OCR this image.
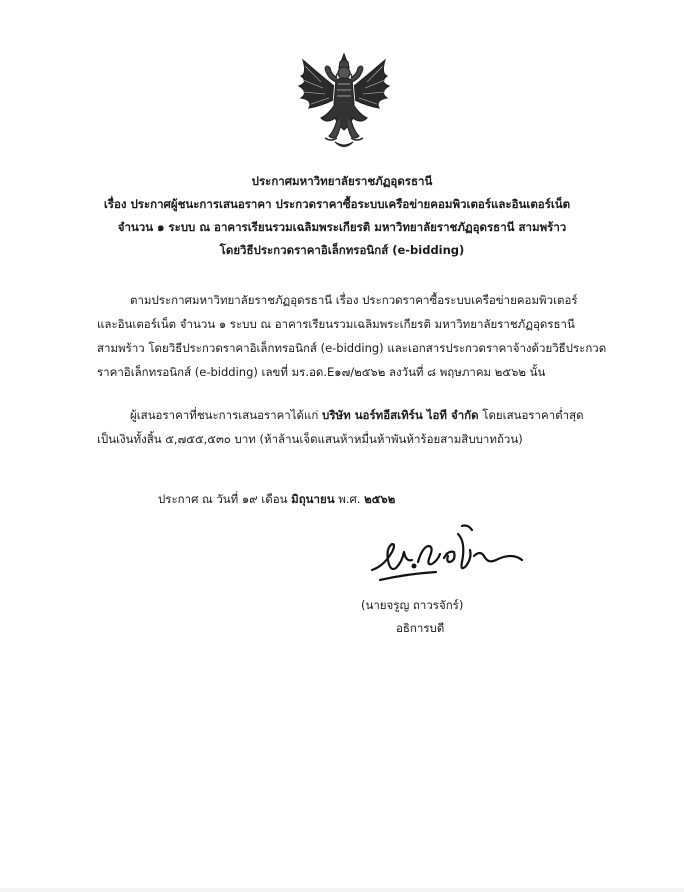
ประกาศมหาวิทยาลัยราชภัฏอุดรธานี
เรื่อง ประกาศผู้ชนะการเสนอราคา ประกวดราคาซื้อระบบเครือข่ายคอมพิวเตอร์และอินเตอร์เน็ต
จำนวน ๑ ระบบ ณ อาคารเรียนรวมเฉลิมพระเกียรติ มหาวิทยาลัยราชภัฏอุดรธานี สามพร้าว
โดยวิธีประกวดราคาอิเล็กทรอนิกส์ (e-bidding)
ตามประกาศมหาวิทยาลัยราชภัฏอุดรธานี เรื่อง ประกวดราคาซื้อระบบเครือข่ายคอมพิวเตอร์
และอินเตอร์เน็ต จำนวน ๑ ระบบ ณ อาคารเรียนรวมเฉลิมพระเกียรติ มหาวิทยาลัยราชภัฏอุดรธานี
สามพร้าว โดยวิธีประกวดราคาอิเล็กทรอนิกส์ (e-bidding) และเอกสารประกวดราคาจ้างด้วยวิธีประกวด
ราคาอิเล็กทรอนิกส์ (e-bidding) เลขที่ มร.อด.E๑๗/๒๕๖๒ ลงวันที่ ๘ พฤษภาคม ๒๕๖๒ นั้น
ผู้เสนอราคาที่ชนะการเสนอราคาได้แก่ บริษัท นอร์ทอีสเทิร์น ไอที จำกัด โดยเสนอราคาต่ำสุด
เป็นเงินทั้งสิ้น ๕,๗๕๕,๕๓๐ บาท (ห้าล้านเจ็ดแสนห้าหมื่นห้าพันห้าร้อยสามสิบบาทถ้วน)
ประกาศ ณ วันที่ ๑๙ เดือน มิถุนายน พ.ศ. ๒๕๖๒
(นายจรูญ ถาวรจักร์)
อธิการบดี
